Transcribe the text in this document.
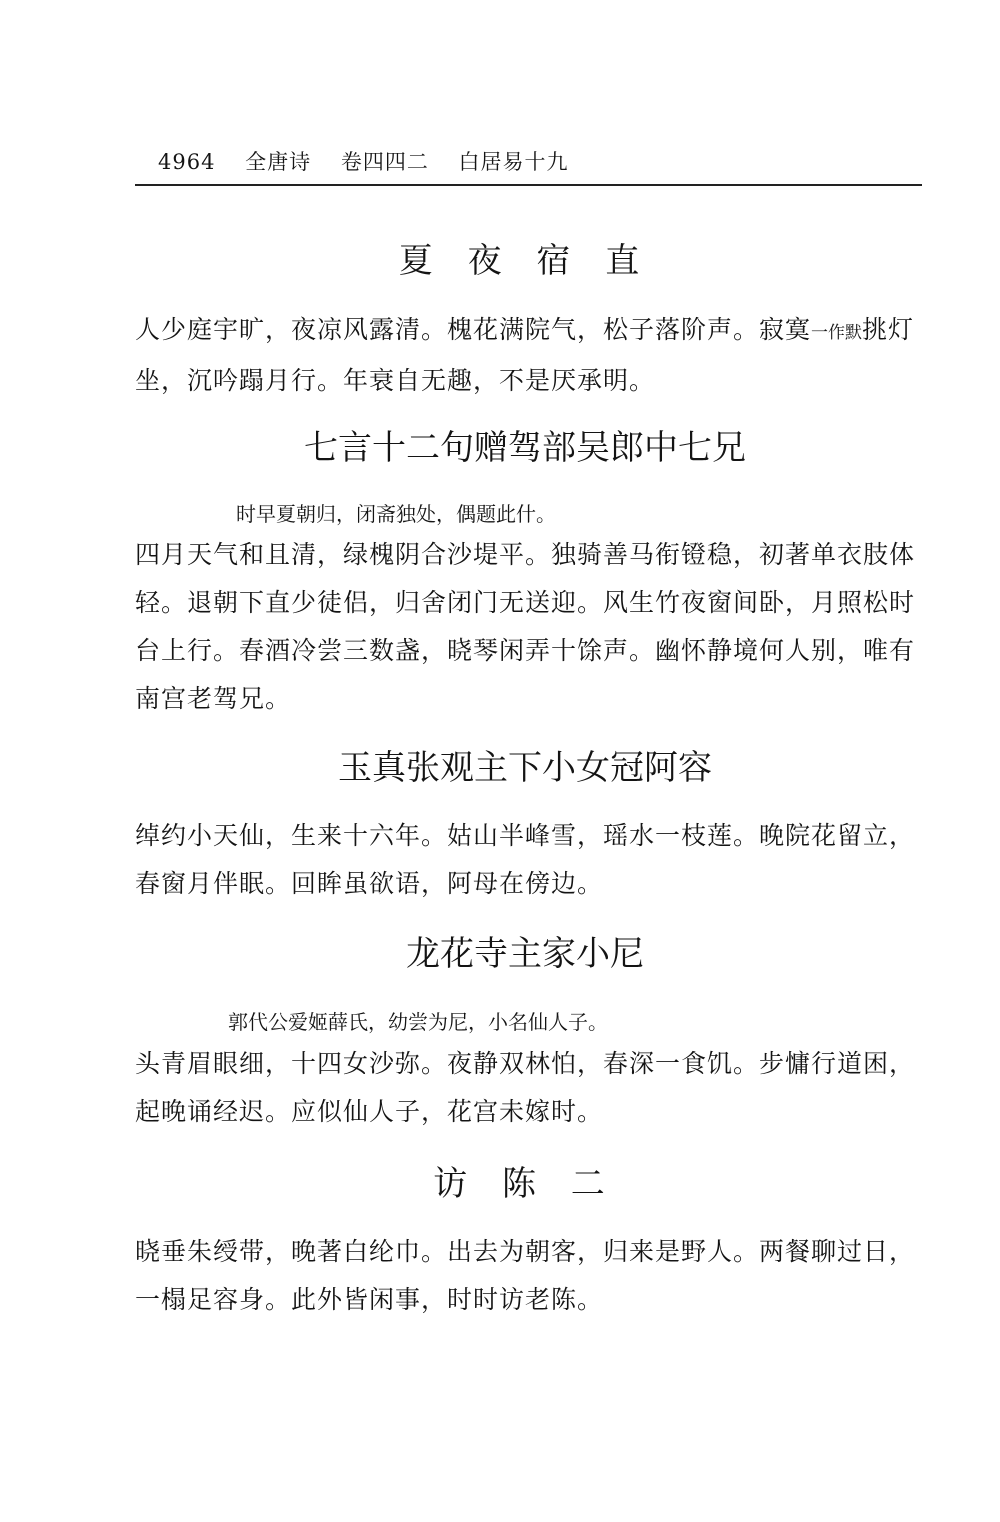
4964 全唐诗 卷四四二 白居易十九
夏 夜 宿 直

人少庭宇旷，夜凉风露清。槐花满院气，松子落阶声。寂寞一作默挑灯坐，沉吟蹋月行。年衰自无趣，不是厌承明。

七言十二句赠驾部吴郎中七兄
时早夏朝归，闭斋独处，偶题此什。

四月天气和且清，绿槐阴合沙堤平。独骑善马衔镫稳，初著单衣肢体轻。退朝下直少徒侣，归舍闭门无送迎。风生竹夜窗间卧，月照松时台上行。春酒冷尝三数盏，晓琴闲弄十馀声。幽怀静境何人别，唯有南宫老驾兄。

玉真张观主下小女冠阿容

绰约小天仙，生来十六年。姑山半峰雪，瑶水一枝莲。晚院花留立，春窗月伴眠。回眸虽欲语，阿母在傍边。

龙花寺主家小尼
郭代公爱姬薛氏，幼尝为尼，小名仙人子。

头青眉眼细，十四女沙弥。夜静双林怕，春深一食饥。步慵行道困，起晚诵经迟。应似仙人子，花宫未嫁时。

访 陈 二

晓垂朱绶带，晚著白纶巾。出去为朝客，归来是野人。两餐聊过日，一榻足容身。此外皆闲事，时时访老陈。
